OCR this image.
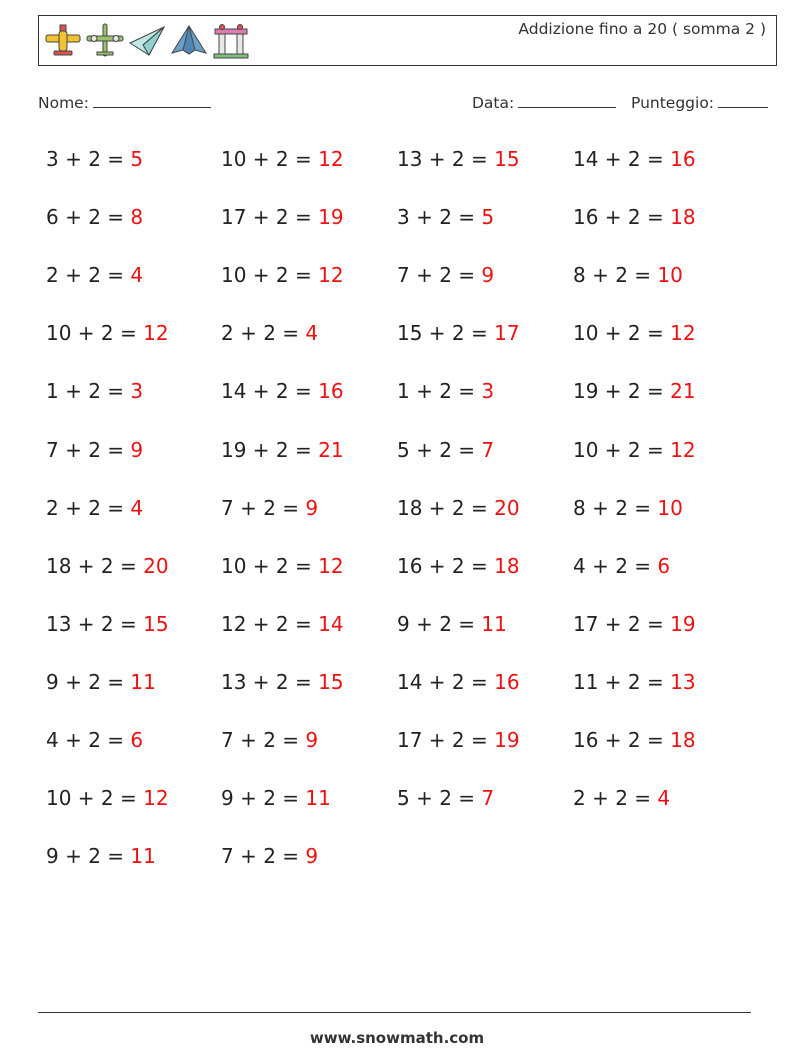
Addizione fino a 20 ( somma 2 )
Nome:	Data:	Punteggio:
3 + 2 = 5	10 + 2 = 12	13 + 2 = 15	14 + 2 = 16
6 + 2 = 8	17 + 2 = 19	3 + 2 = 5	16 + 2 = 18
2 + 2 = 4	10 + 2 = 12	7 + 2 = 9	8 + 2 = 10
10 + 2 = 12	2 + 2 = 4	15 + 2 = 17	10 + 2 = 12
1 + 2 = 3	14 + 2 = 16	1 + 2 = 3	19 + 2 = 21
7 + 2 = 9	19 + 2 = 21	5 + 2 = 7	10 + 2 = 12
2 + 2 = 4	7 + 2 = 9	18 + 2 = 20	8 + 2 = 10
18 + 2 = 20	10 + 2 = 12	16 + 2 = 18	4 + 2 = 6
13 + 2 = 15	12 + 2 = 14	9 + 2 = 11	17 + 2 = 19
9 + 2 = 11	13 + 2 = 15	14 + 2 = 16	11 + 2 = 13
4 + 2 = 6	7 + 2 = 9	17 + 2 = 19	16 + 2 = 18
10 + 2 = 12	9 + 2 = 11	5 + 2 = 7	2 + 2 = 4
9 + 2 = 11	7 + 2 = 9
www.snowmath.com
